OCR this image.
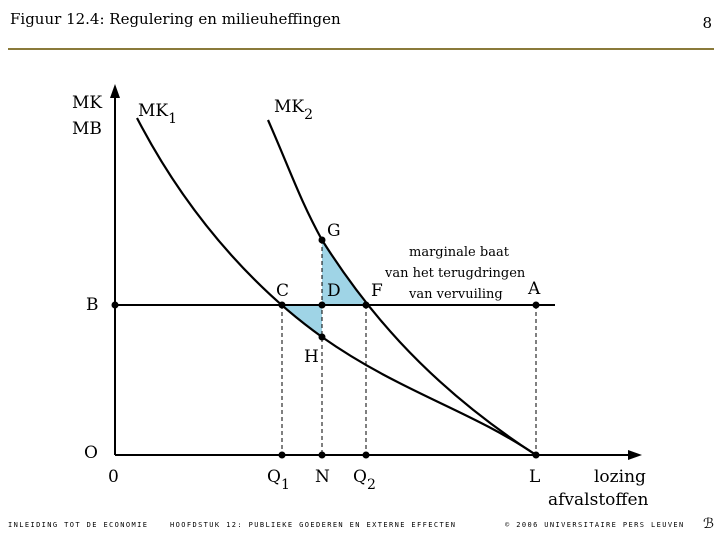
Figuur 12.4: Regulering en milieuheffingen	8
MK
MB
$MK_1$
$MK_2$
B
O
0
C D F	A
G
H
$Q_1$ N $Q_2$	L	lozing
afvalstoffen
marginale baat
van het terugdringen
van vervuiling
INLEIDING TOT DE ECONOMIE	HOOFDSTUK 12: PUBLIEKE GOEDEREN EN EXTERNE EFFECTEN	© 2006 UNIVERSITAIRE PERS LEUVEN ℬ
